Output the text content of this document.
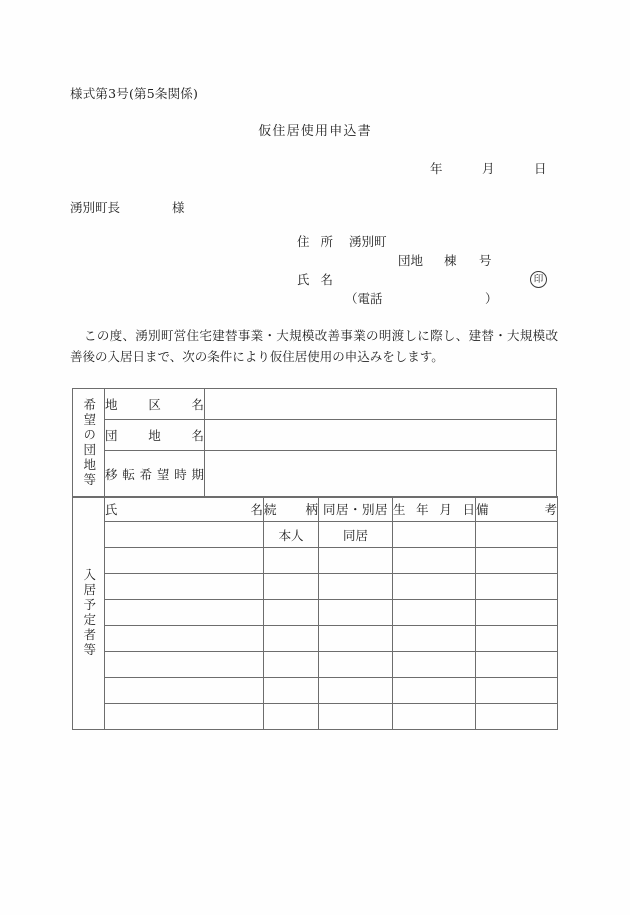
様式第3号(第5条関係)
仮住居使用申込書
年	月	日
湧別町長	様
住所 湧別町
団地 棟 号
氏名	印
（電話	）
この度、湧別町営住宅建替事業・大規模改善事業の明渡しに際し、建替・大規模改善後の入居日まで、次の条件により仮住居使用の申込みをします。
希望の団地等	地区名	
	団地名	
	移転希望時期	
入居予定者等	氏名	続柄	同居・別居	生年月日	備考
		本人	同居		
